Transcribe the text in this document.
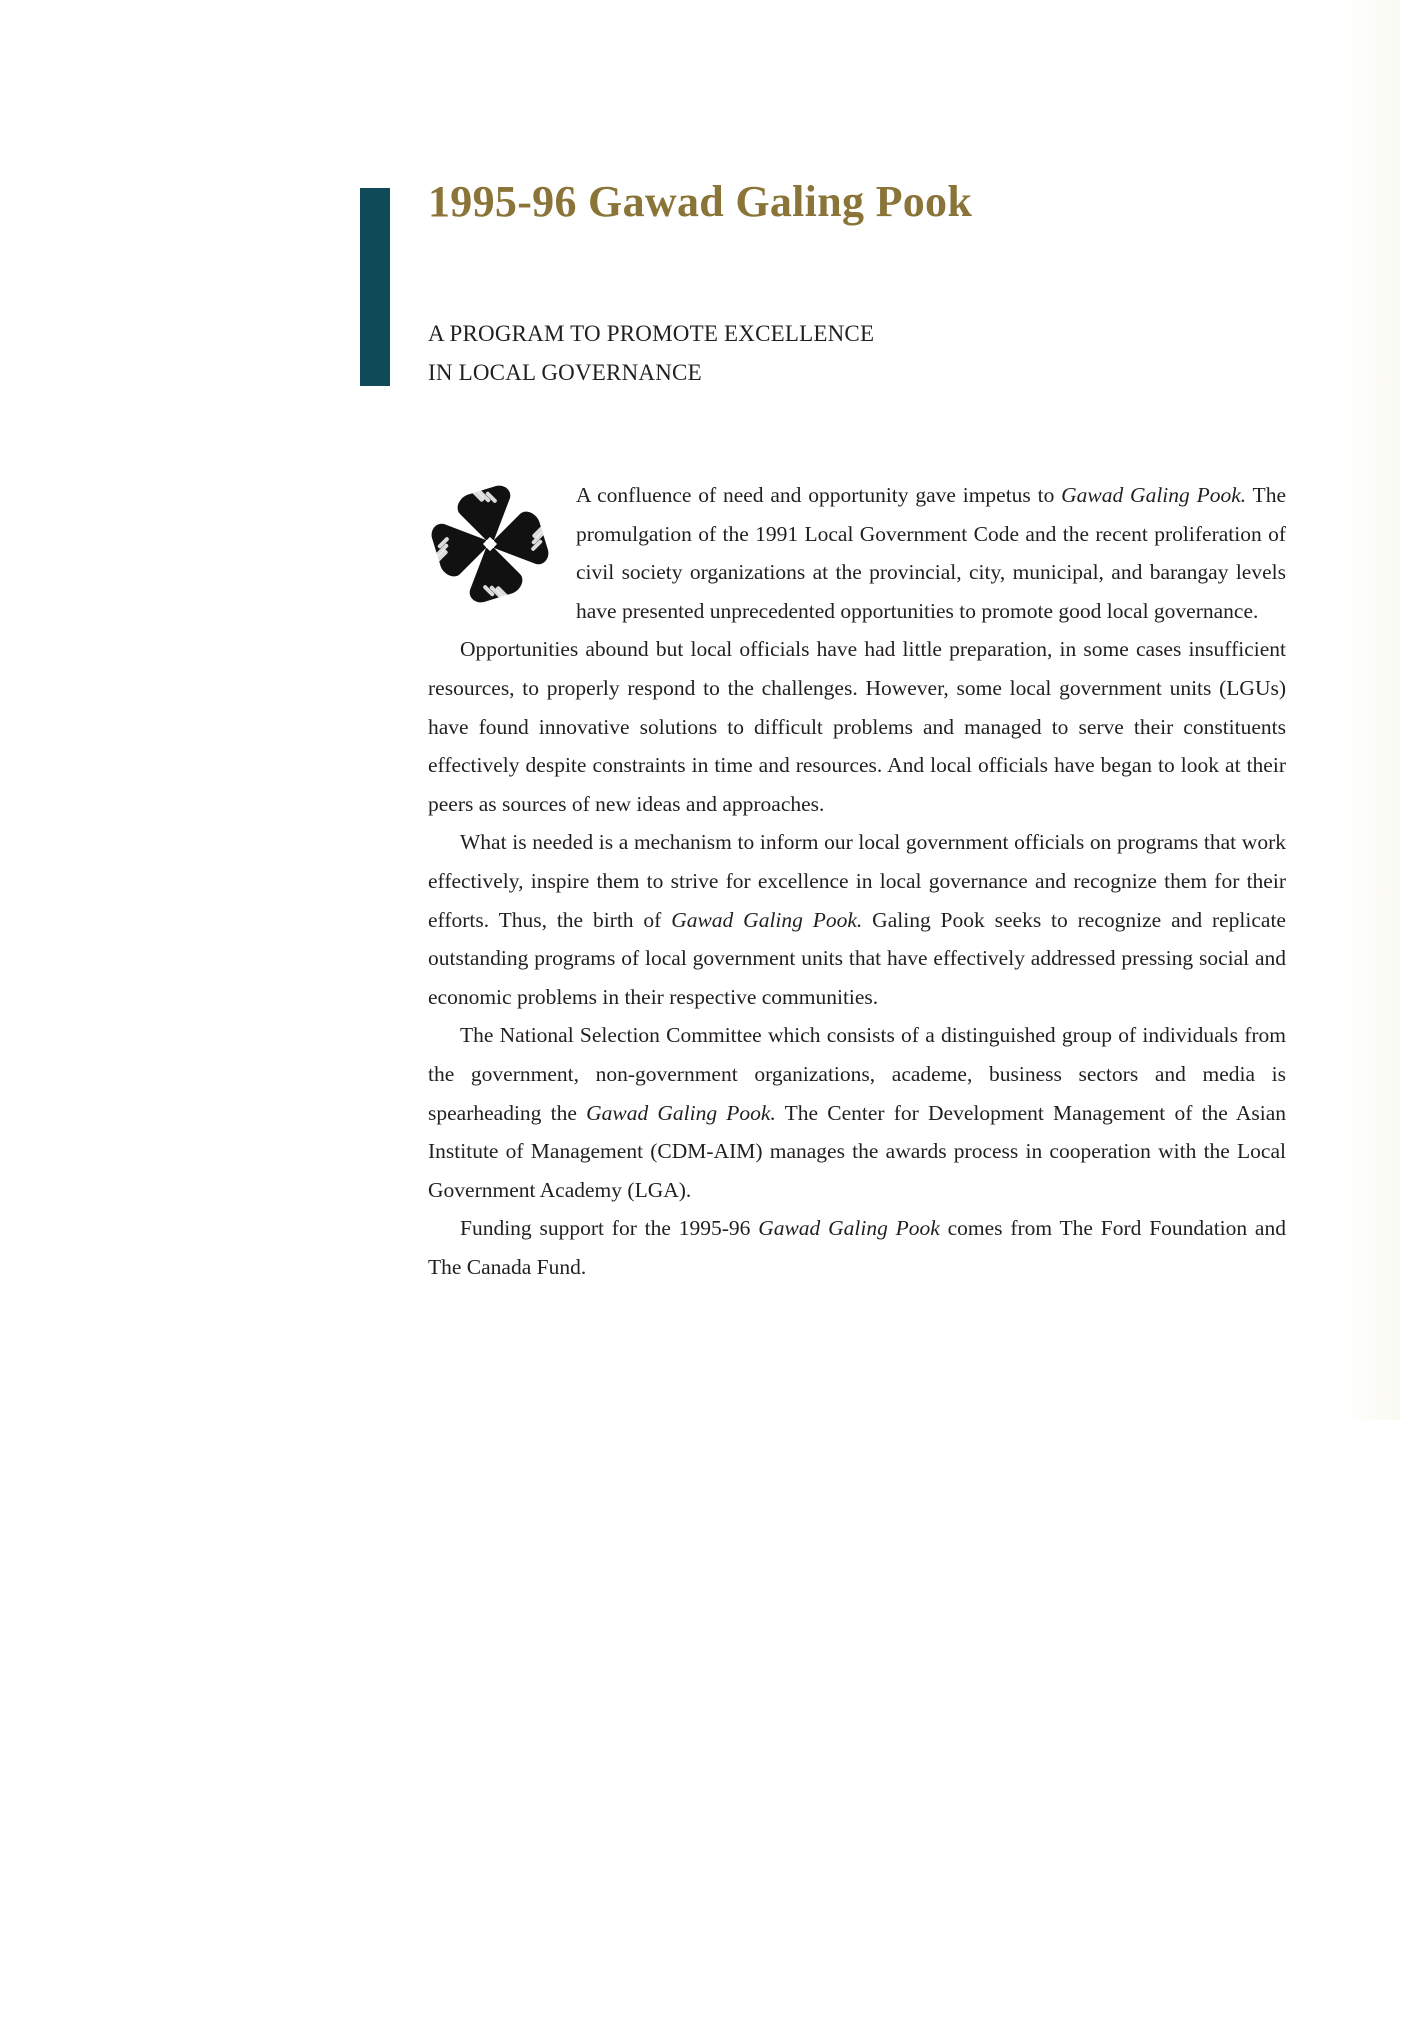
1995-96 Gawad Galing Pook
A PROGRAM TO PROMOTE EXCELLENCE
IN LOCAL GOVERNANCE

A confluence of need and opportunity gave impetus to Gawad Galing Pook. The promulgation of the 1991 Local Government Code and the recent proliferation of civil society organizations at the provincial, city, municipal, and barangay levels have presented unprecedented opportunities to promote good local governance.

Opportunities abound but local officials have had little preparation, in some cases insufficient resources, to properly respond to the challenges. However, some local government units (LGUs) have found innovative solutions to difficult problems and managed to serve their constituents effectively despite constraints in time and resources. And local officials have began to look at their peers as sources of new ideas and approaches.

What is needed is a mechanism to inform our local government officials on programs that work effectively, inspire them to strive for excellence in local governance and recognize them for their efforts. Thus, the birth of Gawad Galing Pook. Galing Pook seeks to recognize and replicate outstanding programs of local government units that have effectively addressed pressing social and economic problems in their respective communities.

The National Selection Committee which consists of a distinguished group of individuals from the government, non-government organizations, academe, business sectors and media is spearheading the Gawad Galing Pook. The Center for Development Management of the Asian Institute of Management (CDM-AIM) manages the awards process in cooperation with the Local Government Academy (LGA).

Funding support for the 1995-96 Gawad Galing Pook comes from The Ford Foundation and The Canada Fund.
